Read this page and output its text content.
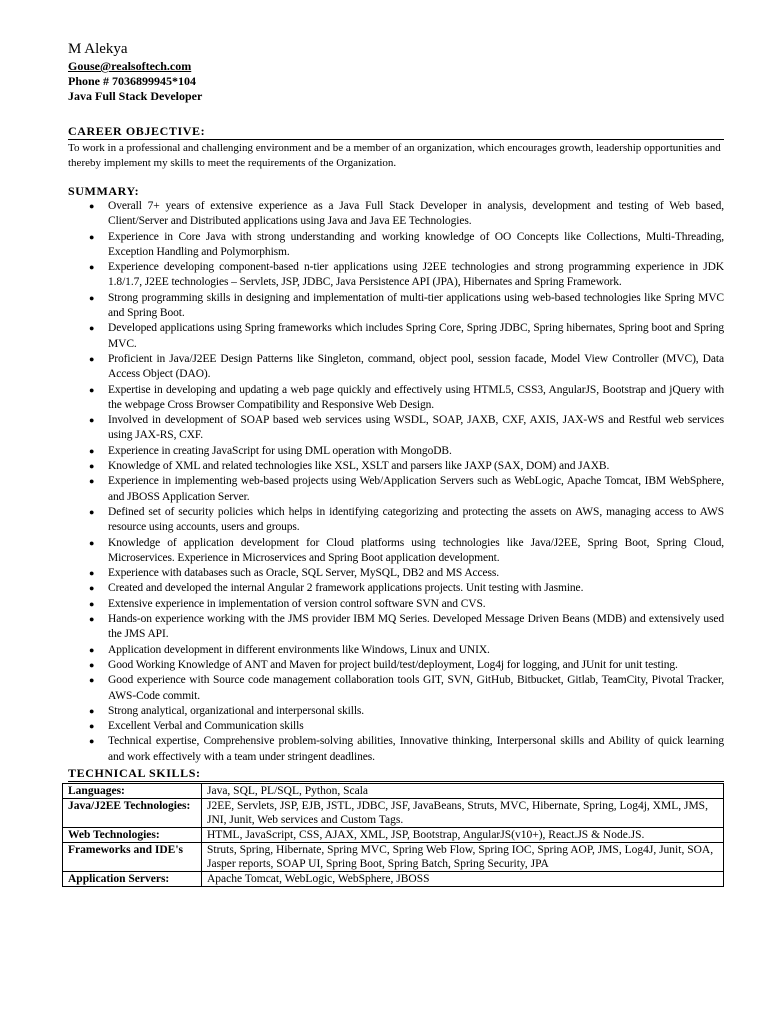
M Alekya
Gouse@realsoftech.com
Phone # 7036899945*104
Java Full Stack Developer
CAREER OBJECTIVE:
To work in a professional and challenging environment and be a member of an organization, which encourages growth, leadership opportunities and thereby implement my skills to meet the requirements of the Organization.
SUMMARY:
● Overall 7+ years of extensive experience as a Java Full Stack Developer in analysis, development and testing of Web based, Client/Server and Distributed applications using Java and Java EE Technologies.
● Experience in Core Java with strong understanding and working knowledge of OO Concepts like Collections, Multi-Threading, Exception Handling and Polymorphism.
● Experience developing component-based n-tier applications using J2EE technologies and strong programming experience in JDK 1.8/1.7, J2EE technologies – Servlets, JSP, JDBC, Java Persistence API (JPA), Hibernates and Spring Framework.
● Strong programming skills in designing and implementation of multi-tier applications using web-based technologies like Spring MVC and Spring Boot.
● Developed applications using Spring frameworks which includes Spring Core, Spring JDBC, Spring hibernates, Spring boot and Spring MVC.
● Proficient in Java/J2EE Design Patterns like Singleton, command, object pool, session facade, Model View Controller (MVC), Data Access Object (DAO).
● Expertise in developing and updating a web page quickly and effectively using HTML5, CSS3, AngularJS, Bootstrap and jQuery with the webpage Cross Browser Compatibility and Responsive Web Design.
● Involved in development of SOAP based web services using WSDL, SOAP, JAXB, CXF, AXIS, JAX-WS and Restful web services using JAX-RS, CXF.
● Experience in creating JavaScript for using DML operation with MongoDB.
● Knowledge of XML and related technologies like XSL, XSLT and parsers like JAXP (SAX, DOM) and JAXB.
● Experience in implementing web-based projects using Web/Application Servers such as WebLogic, Apache Tomcat, IBM WebSphere, and JBOSS Application Server.
● Defined set of security policies which helps in identifying categorizing and protecting the assets on AWS, managing access to AWS resource using accounts, users and groups.
● Knowledge of application development for Cloud platforms using technologies like Java/J2EE, Spring Boot, Spring Cloud, Microservices. Experience in Microservices and Spring Boot application development.
● Experience with databases such as Oracle, SQL Server, MySQL, DB2 and MS Access.
● Created and developed the internal Angular 2 framework applications projects. Unit testing with Jasmine.
● Extensive experience in implementation of version control software SVN and CVS.
● Hands-on experience working with the JMS provider IBM MQ Series. Developed Message Driven Beans (MDB) and extensively used the JMS API.
● Application development in different environments like Windows, Linux and UNIX.
● Good Working Knowledge of ANT and Maven for project build/test/deployment, Log4j for logging, and JUnit for unit testing.
● Good experience with Source code management collaboration tools GIT, SVN, GitHub, Bitbucket, Gitlab, TeamCity, Pivotal Tracker, AWS-Code commit.
● Strong analytical, organizational and interpersonal skills.
● Excellent Verbal and Communication skills
● Technical expertise, Comprehensive problem-solving abilities, Innovative thinking, Interpersonal skills and Ability of quick learning and work effectively with a team under stringent deadlines.
TECHNICAL SKILLS:
Languages:	Java, SQL, PL/SQL, Python, Scala
Java/J2EE Technologies:	J2EE, Servlets, JSP, EJB, JSTL, JDBC, JSF, JavaBeans, Struts, MVC, Hibernate, Spring, Log4j, XML, JMS, JNI, Junit, Web services and Custom Tags.
Web Technologies:	HTML, JavaScript, CSS, AJAX, XML, JSP, Bootstrap, AngularJS(v10+), React.JS & Node.JS.
Frameworks and IDE's	Struts, Spring, Hibernate, Spring MVC, Spring Web Flow, Spring IOC, Spring AOP, JMS, Log4J, Junit, SOA, Jasper reports, SOAP UI, Spring Boot, Spring Batch, Spring Security, JPA
Application Servers:	Apache Tomcat, WebLogic, WebSphere, JBOSS
